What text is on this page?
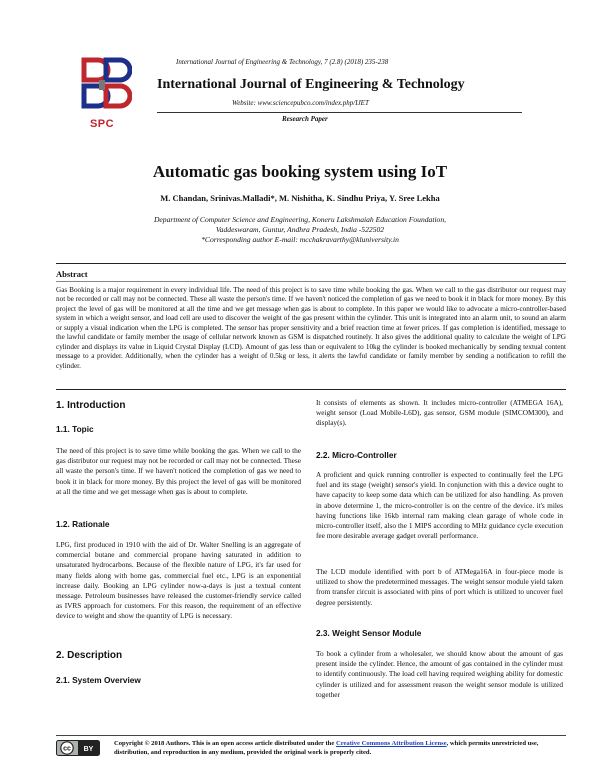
SPC
International Journal of Engineering & Technology, 7 (2.8) (2018) 235-238
International Journal of Engineering & Technology
Website: www.sciencepubco.com/index.php/IJET
Research Paper
Automatic gas booking system using IoT
M. Chandan, Srinivas.Malladi*, M. Nishitha, K. Sindhu Priya, Y. Sree Lekha
Department of Computer Science and Engineering, Koneru Lakshmaiah Education Foundation,
Vaddeswaram, Guntur, Andhra Pradesh, India -522502
*Corresponding author E-mail: mcchakravarthy@kluniversity.in
Abstract
Gas Booking is a major requirement in every individual life. The need of this project is to save time while booking the gas. When we call to the gas distributor our request may not be recorded or call may not be connected. These all waste the person's time. If we haven't noticed the completion of gas we need to book it in black for more money. By this project the level of gas will be monitored at all the time and we get message when gas is about to complete. In this paper we would like to advocate a micro-controller-based system in which a weight sensor, and load cell are used to discover the weight of the gas present within the cylinder. This unit is integrated into an alarm unit, to sound an alarm or supply a visual indication when the LPG is completed. The sensor has proper sensitivity and a brief reaction time at fewer prices. If gas completion is identified, message to the lawful candidate or family member the usage of cellular network known as GSM is dispatched routinely. It also gives the additional quality to calculate the weight of LPG cylinder and displays its value in Liquid Crystal Display (LCD). Amount of gas less than or equivalent to 10kg the cylinder is booked mechanically by sending textual content message to a provider. Additionally, when the cylinder has a weight of 0.5kg or less, it alerts the lawful candidate or family member by sending a notification to refill the cylinder.
1. Introduction
1.1. Topic
The need of this project is to save time while booking the gas. When we call to the gas distributor our request may not be recorded or call may not be connected. These all waste the person's time. If we haven't noticed the completion of gas we need to book it in black for more money. By this project the level of gas will be monitored at all the time and we get message when gas is about to complete.
1.2. Rationale
LPG, first produced in 1910 with the aid of Dr. Walter Snelling is an aggregate of commercial butane and commercial propane having saturated in addition to unsaturated hydrocarbons. Because of the flexible nature of LPG, it's far used for many fields along with home gas, commercial fuel etc., LPG is an exponential increase daily. Booking an LPG cylinder now-a-days is just a textual content message. Petroleum businesses have released the customer-friendly service called as IVRS approach for customers. For this reason, the requirement of an effective device to weight and show the quantity of LPG is necessary.
2. Description
2.1. System Overview
It consists of elements as shown. It includes micro-controller (ATMEGA 16A), weight sensor (Load Mobile-L6D), gas sensor, GSM module (SIMCOM300), and display(s).
2.2. Micro-Controller
A proficient and quick running controller is expected to continually feel the LPG fuel and its stage (weight) sensor's yield. In conjunction with this a device ought to have capacity to keep some data which can be utilized for also handling. As proven in above determine 1, the micro-controller is on the centre of the device. it's miles having functions like 16kb internal ram making clean garage of whole code in micro-controller itself, also the 1 MIPS according to MHz guidance cycle execution fee more desirable average gadget overall performance.
The LCD module identified with port b of ATMega16A in four-piece mode is utilized to show the predetermined messages. The weight sensor module yield taken from transfer circuit is associated with pins of port which is utilized to uncover fuel degree persistently.
2.3. Weight Sensor Module
To book a cylinder from a wholesaler, we should know about the amount of gas present inside the cylinder. Hence, the amount of gas contained in the cylinder must to identify continuously. The load cell having required weighing ability for domestic cylinder is utilized and for assessment reason the weight sensor module is utilized together
cc BY
Copyright © 2018 Authors. This is an open access article distributed under the Creative Commons Attribution License, which permits unrestricted use, distribution, and reproduction in any medium, provided the original work is properly cited.
